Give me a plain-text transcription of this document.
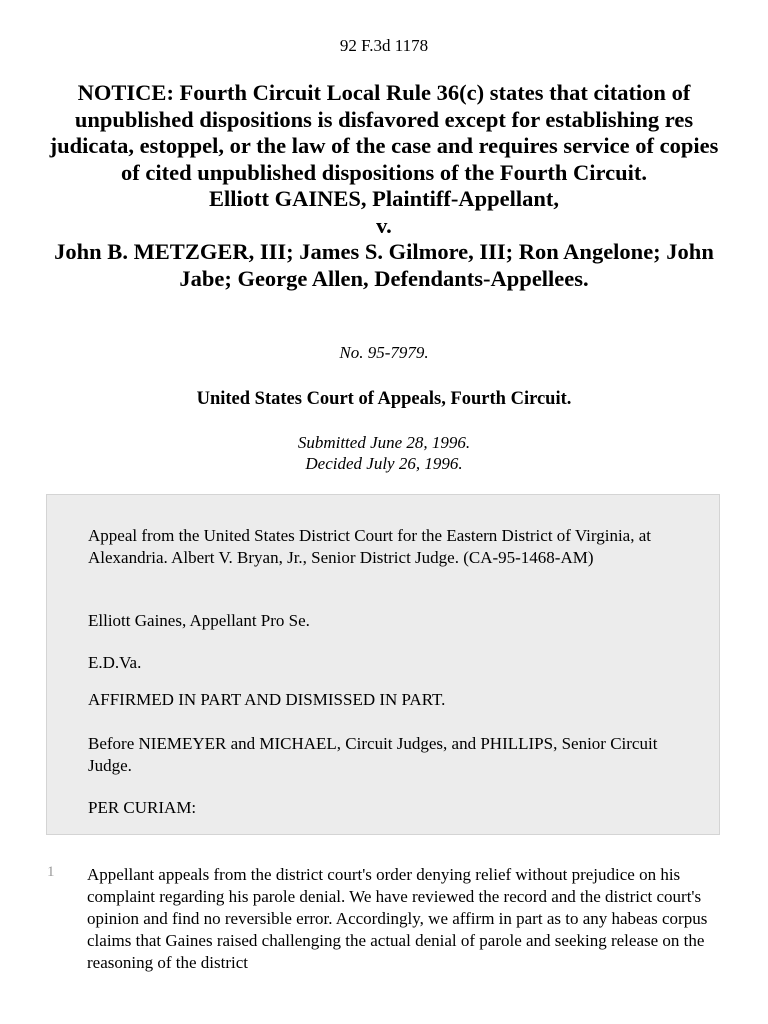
92 F.3d 1178
NOTICE: Fourth Circuit Local Rule 36(c) states that citation of unpublished dispositions is disfavored except for establishing res judicata, estoppel, or the law of the case and requires service of copies of cited unpublished dispositions of the Fourth Circuit.
Elliott GAINES, Plaintiff-Appellant,
v.
John B. METZGER, III; James S. Gilmore, III; Ron Angelone; John Jabe; George Allen, Defendants-Appellees.
No. 95-7979.
United States Court of Appeals, Fourth Circuit.
Submitted June 28, 1996.
Decided July 26, 1996.

Appeal from the United States District Court for the Eastern District of Virginia, at Alexandria. Albert V. Bryan, Jr., Senior District Judge. (CA-95-1468-AM)

Elliott Gaines, Appellant Pro Se.

E.D.Va.

AFFIRMED IN PART AND DISMISSED IN PART.

Before NIEMEYER and MICHAEL, Circuit Judges, and PHILLIPS, Senior Circuit Judge.

PER CURIAM:

1 Appellant appeals from the district court's order denying relief without prejudice on his complaint regarding his parole denial. We have reviewed the record and the district court's opinion and find no reversible error. Accordingly, we affirm in part as to any habeas corpus claims that Gaines raised challenging the actual denial of parole and seeking release on the reasoning of the district
